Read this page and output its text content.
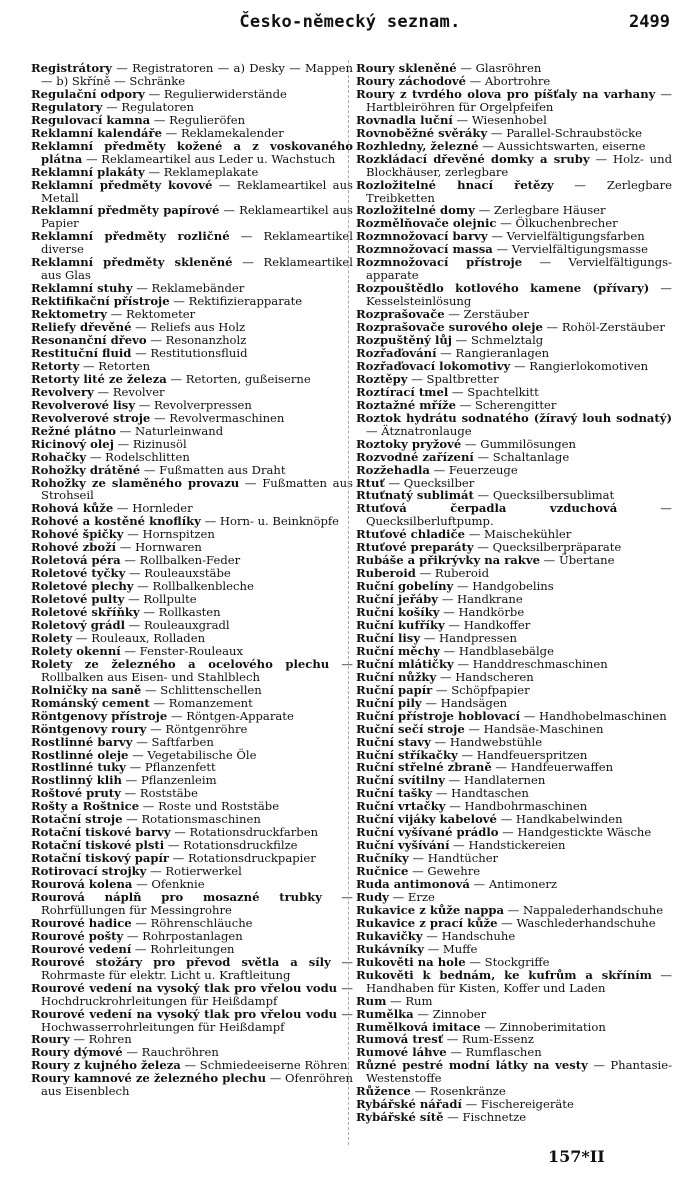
Česko-německý seznam.	2499

Registrátory — Registratoren — a) Desky — Mappen — b) Skříně — Schränke

Regulační odpory — Regulierwiderstände

Regulatory — Regulatoren

Regulovací kamna — Regulieröfen

Reklamní kalendáře — Reklamekalender

Reklamní předměty kožené a z voskovaného plátna — Reklameartikel aus Leder u. Wachstuch

Reklamní plakáty — Reklameplakate

Reklamní předměty kovové — Reklameartikel aus Metall

Reklamní předměty papírové — Reklameartikel aus Papier

Reklamní předměty rozličné — Reklameartikel diverse

Reklamní předměty skleněné — Reklameartikel aus Glas

Reklamní stuhy — Reklamebänder

Rektifikační přístroje — Rektifizierapparate

Rektometry — Rektometer

Reliefy dřevěné — Reliefs aus Holz

Resonanční dřevo — Resonanzholz

Restituční fluid — Restitutionsfluid

Retorty — Retorten

Retorty lité ze železa — Retorten, gußeiserne

Revolvery — Revolver

Revolverové lisy — Revolverpressen

Revolverové stroje — Revolvermaschinen

Režné plátno — Naturleinwand

Ricinový olej — Rizinusöl

Rohačky — Rodelschlitten

Rohožky drátěné — Fußmatten aus Draht

Rohožky ze slaměného provazu — Fußmatten aus Strohseil

Rohová kůže — Hornleder

Rohové a kostěné knoflíky — Horn- u. Beinknöpfe

Rohové špičky — Hornspitzen

Rohové zboží — Hornwaren

Roletová péra — Rollbalken-Feder

Roletové tyčky — Rouleauxstäbe

Roletové plechy — Rollbalkenbleche

Roletové pulty — Rollpulte

Roletové skříňky — Rollkasten

Roletový grádl — Rouleauxgradl

Rolety — Rouleaux, Rolladen

Rolety okenní — Fenster-Rouleaux

Rolety ze železného a ocelového plechu — Rollbalken aus Eisen- und Stahlblech

Rolničky na saně — Schlittenschellen

Románský cement — Romanzement

Röntgenovy přístroje — Röntgen-Apparate

Röntgenovy roury — Röntgenröhre

Rostlinné barvy — Saftfarben

Rostlinné oleje — Vegetabilische Öle

Rostlinné tuky — Pflanzenfett

Rostlinný klih — Pflanzenleim

Roštové pruty — Roststäbe

Rošty a Roštnice — Roste und Roststäbe

Rotační stroje — Rotationsmaschinen

Rotační tiskové barvy — Rotationsdruckfarben

Rotační tiskové plsti — Rotationsdruckfilze

Rotační tiskový papír — Rotationsdruckpapier

Rotirovací strojky — Rotierwerkel

Rourová kolena — Ofenknie

Rourová náplň pro mosazné trubky — Rohrfüllungen für Messingrohre

Rourové hadice — Röhrenschläuche

Rourové pošty — Rohrpostanlagen

Rourové vedení — Rohrleitungen

Rourové stožáry pro převod světla a síly — Rohrmaste für elektr. Licht u. Kraftleitung

Rourové vedení na vysoký tlak pro vřelou vodu — Hochdruckrohrleitungen für Heißdampf

Rourové vedení na vysoký tlak pro vřelou vodu — Hochwasserrohrleitungen für Heißdampf

Roury — Rohren

Roury dýmové — Rauchröhren

Roury z kujného železa — Schmiedeeiserne Röhren

Roury kamnové ze železného plechu — Ofenröhren aus Eisenblech

Roury skleněné — Glasröhren

Roury záchodové — Abortrohre

Roury z tvrdého olova pro píšťaly na varhany — Hartbleiröhren für Orgelpfeifen

Rovnadla luční — Wiesenhobel

Rovnoběžné svěráky — Parallel-Schraubstöcke

Rozhledny, železné — Aussichtswarten, eiserne

Rozkládací dřevěné domky a sruby — Holz- und Blockhäuser, zerlegbare

Rozložitelné hnací řetězy — Zerlegbare Treibketten

Rozložitelné domy — Zerlegbare Häuser

Rozmělňovače olejnic — Ölkuchenbrecher

Rozmnožovací barvy — Vervielfältigungsfarben

Rozmnožovací massa — Vervielfältigungsmasse

Rozmnožovací přístroje — Vervielfältigungs-apparate

Rozpouštědlo kotlového kamene (přívary) — Kesselsteinlösung

Rozprašovače — Zerstäuber

Rozprašovače surového oleje — Rohöl-Zerstäuber

Rozpuštěný lůj — Schmelztalg

Rozřaďování — Rangieranlagen

Rozřaďovací lokomotivy — Rangierlokomotiven

Roztěpy — Spaltbretter

Roztírací tmel — Spachtelkitt

Roztažné mříže — Scherengitter

Roztok hydrátu sodnatého (žíravý louh sodnatý) — Ätznatronlauge

Roztoky pryžové — Gummilösungen

Rozvodné zařízení — Schaltanlage

Rozžehadla — Feuerzeuge

Rtuť — Quecksilber

Rtuťnatý sublimát — Quecksilbersublimat

Rtuťová čerpadla vzduchová — Quecksilberluftpump.

Rtuťové chladiče — Maischekühler

Rtuťové preparáty — Quecksilberpräparate

Rubáše a přikrývky na rakve — Übertane

Ruberoid — Ruberoid

Ruční gobelíny — Handgobelins

Ruční jeřáby — Handkrane

Ruční košíky — Handkörbe

Ruční kufříky — Handkoffer

Ruční lisy — Handpressen

Ruční měchy — Handblasebälge

Ruční mlátičky — Handdreschmaschinen

Ruční nůžky — Handscheren

Ruční papír — Schöpfpapier

Ruční pily — Handsägen

Ruční přístroje hoblovací — Handhobelmaschinen

Ruční sečí stroje — Handsäe-Maschinen

Ruční stavy — Handwebstühle

Ruční stříkačky — Handfeuerspritzen

Ruční střelné zbraně — Handfeuerwaffen

Ruční svítilny — Handlaternen

Ruční tašky — Handtaschen

Ruční vrtačky — Handbohrmaschinen

Ruční vijáky kabelové — Handkabelwinden

Ruční vyšívané prádlo — Handgestickte Wäsche

Ruční vyšívání — Handstickereien

Ručníky — Handtücher

Ručnice — Gewehre

Ruda antimonová — Antimonerz

Rudy — Erze

Rukavice z kůže nappa — Nappalederhandschuhe

Rukavice z prací kůže — Waschlederhandschuhe

Rukavičky — Handschuhe

Rukávníky — Muffe

Rukověti na hole — Stockgriffe

Rukověti k bednám, ke kufrům a skříním — Handhaben für Kisten, Koffer und Laden

Rum — Rum

Rumělka — Zinnober

Rumělková imitace — Zinnoberimitation

Rumová tresť — Rum-Essenz

Rumové láhve — Rumflaschen

Různé pestré modní látky na vesty — Phantasie-Westenstoffe

Růžence — Rosenkränze

Rybářské nářadí — Fischereigeräte

Rybářské sítě — Fischnetze

157*II
